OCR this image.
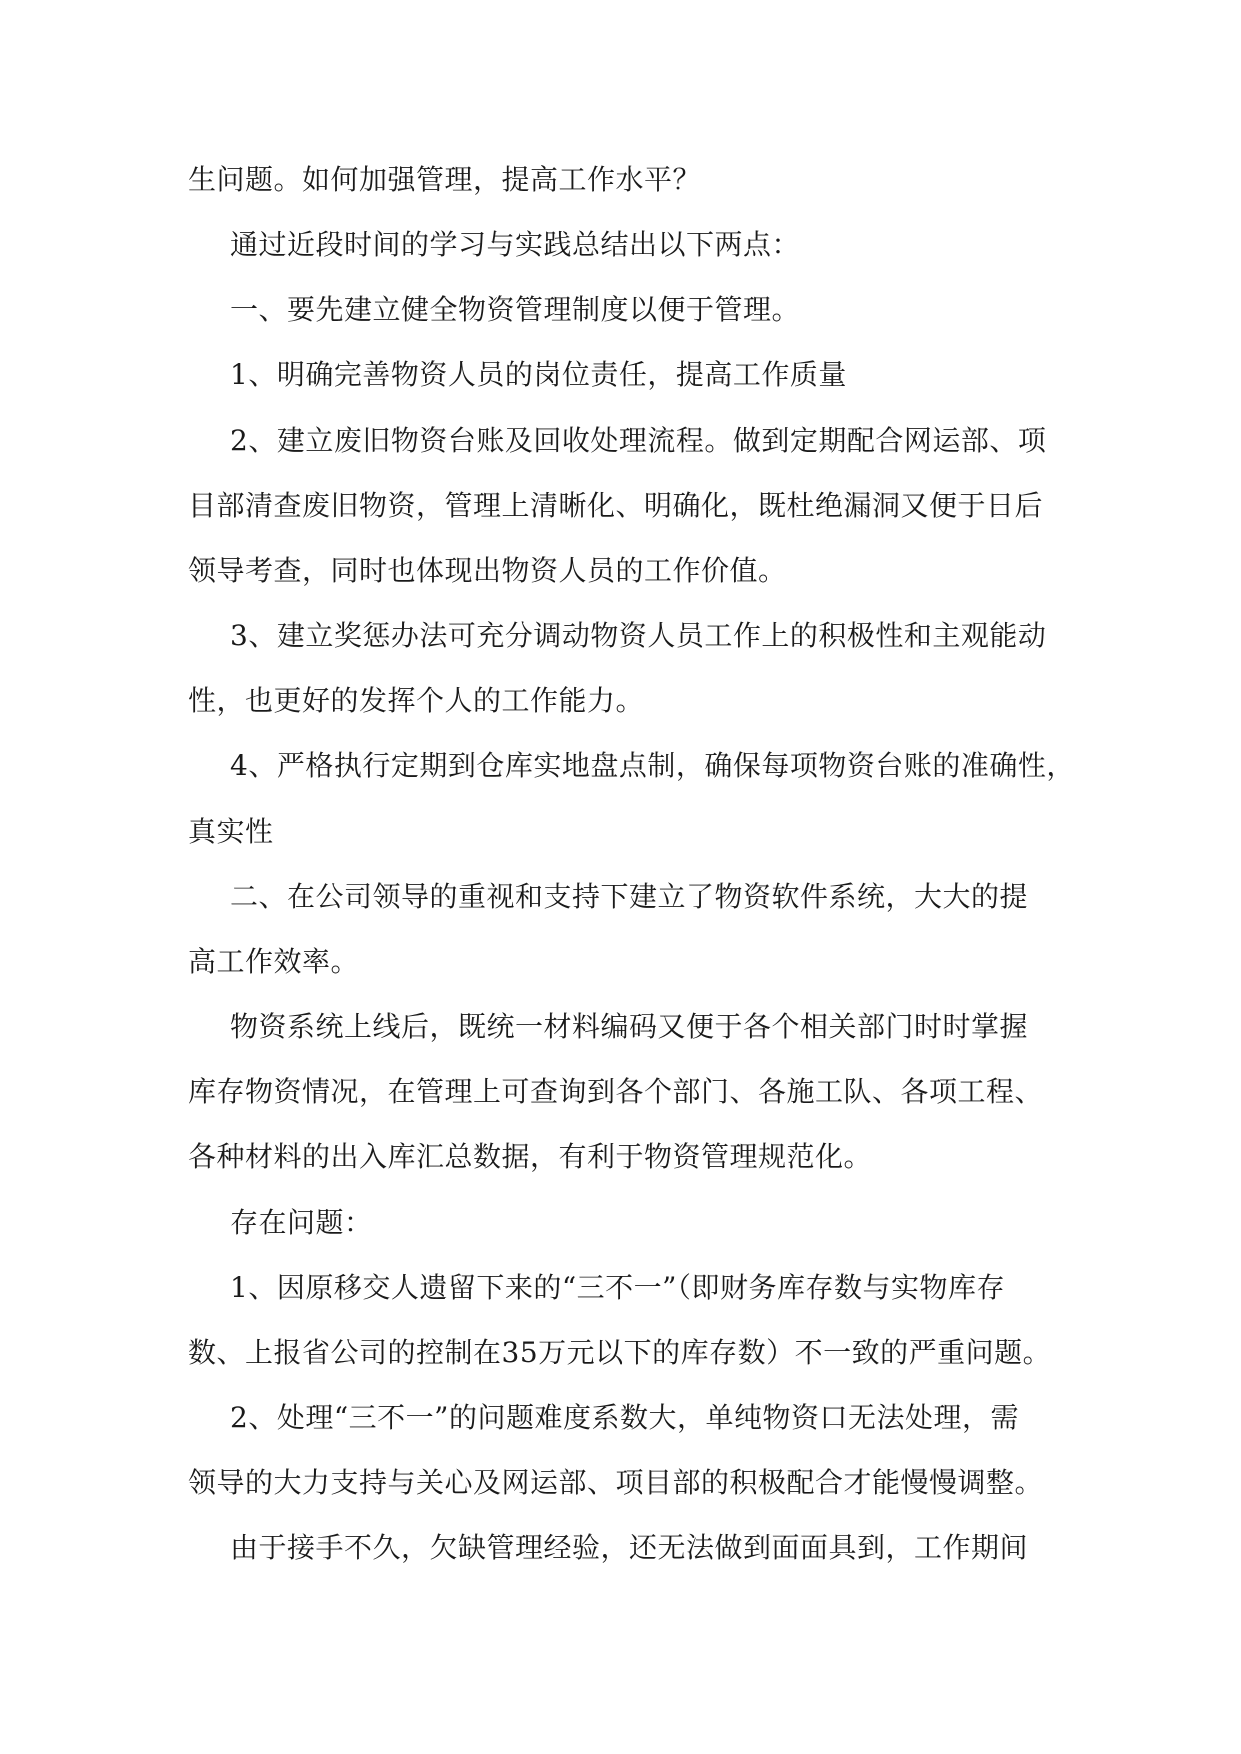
生问题。如何加强管理，提高工作水平？
通过近段时间的学习与实践总结出以下两点：
一、要先建立健全物资管理制度以便于管理。
1、明确完善物资人员的岗位责任，提高工作质量
2、建立废旧物资台账及回收处理流程。做到定期配合网运部、项
目部清查废旧物资，管理上清晰化、明确化，既杜绝漏洞又便于日后
领导考查，同时也体现出物资人员的工作价值。
3、建立奖惩办法可充分调动物资人员工作上的积极性和主观能动
性，也更好的发挥个人的工作能力。
4、严格执行定期到仓库实地盘点制，确保每项物资台账的准确性，
真实性
二、在公司领导的重视和支持下建立了物资软件系统，大大的提
高工作效率。
物资系统上线后，既统一材料编码又便于各个相关部门时时掌握
库存物资情况，在管理上可查询到各个部门、各施工队、各项工程、
各种材料的出入库汇总数据，有利于物资管理规范化。
存在问题：
1、因原移交人遗留下来的“三不一”（即财务库存数与实物库存
数、上报省公司的控制在35万元以下的库存数）不一致的严重问题。
2、处理“三不一”的问题难度系数大，单纯物资口无法处理，需
领导的大力支持与关心及网运部、项目部的积极配合才能慢慢调整。
由于接手不久，欠缺管理经验，还无法做到面面具到，工作期间
